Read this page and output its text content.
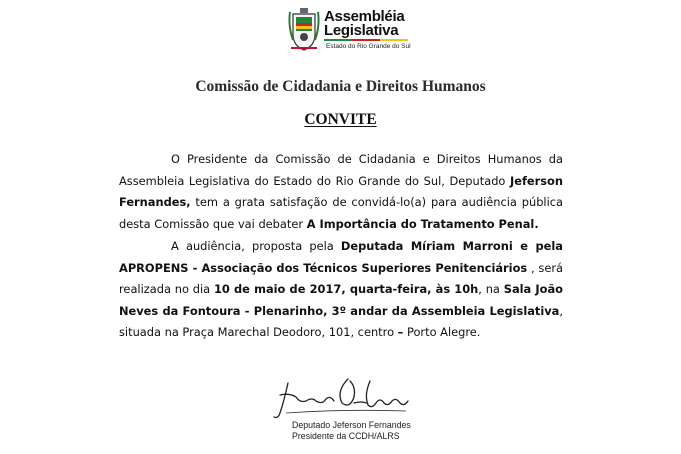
Assembléia
Legislativa
Estado do Rio Grande do Sul
Comissão de Cidadania e Direitos Humanos
CONVITE
O Presidente da Comissão de Cidadania e Direitos Humanos da Assembleia Legislativa do Estado do Rio Grande do Sul, Deputado Jeferson Fernandes, tem a grata satisfação de convidá-lo(a) para audiência pública desta Comissão que vai debater A Importância do Tratamento Penal.
A audiência, proposta pela Deputada Míriam Marroni e pela APROPENS - Associação dos Técnicos Superiores Penitenciários , será realizada no dia 10 de maio de 2017, quarta-feira, às 10h, na Sala João Neves da Fontoura - Plenarinho, 3º andar da Assembleia Legislativa, situada na Praça Marechal Deodoro, 101, centro – Porto Alegre.
Deputado Jeferson Fernandes
Presidente da CCDH/ALRS
